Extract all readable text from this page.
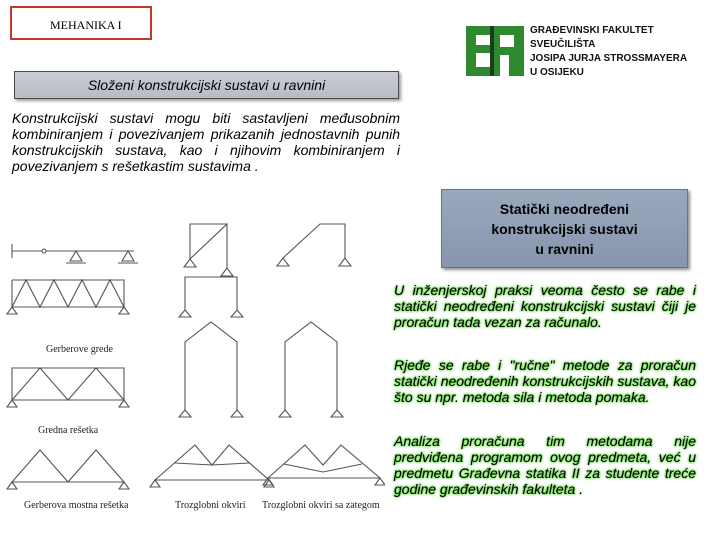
MEHANIKA I	GRAĐEVINSKI FAKULTET
SVEUČILIŠTA
JOSIPA JURJA STROSSMAYERA
U OSIJEKU
Složeni konstrukcijski sustavi u ravnini
Konstrukcijski sustavi mogu biti sastavljeni međusobnim kombiniranjem i povezivanjem prikazanih jednostavnih punih konstrukcijskih sustava, kao i njihovim kombiniranjem i povezivanjem s rešetkastim sustavima .
Statički neodređeni
konstrukcijski sustavi
u ravnini
U inženjerskoj praksi veoma često se rabe i statički neodređeni konstrukcijski sustavi čiji je proračun tada vezan za računalo.
Rjeđe se rabe i "ručne" metode za proračun statički neodređenih konstrukcijskih sustava, kao što su npr. metoda sila i metoda pomaka.
Analiza proračuna tim metodama nije predviđena programom ovog predmeta, već u predmetu Građevna statika II za studente treće godine građevinskih fakulteta .
Gerberove grede
Gredna rešetka
Gerberova mostna rešetka	Trozglobni okviri Trozglobni okviri sa zategom
